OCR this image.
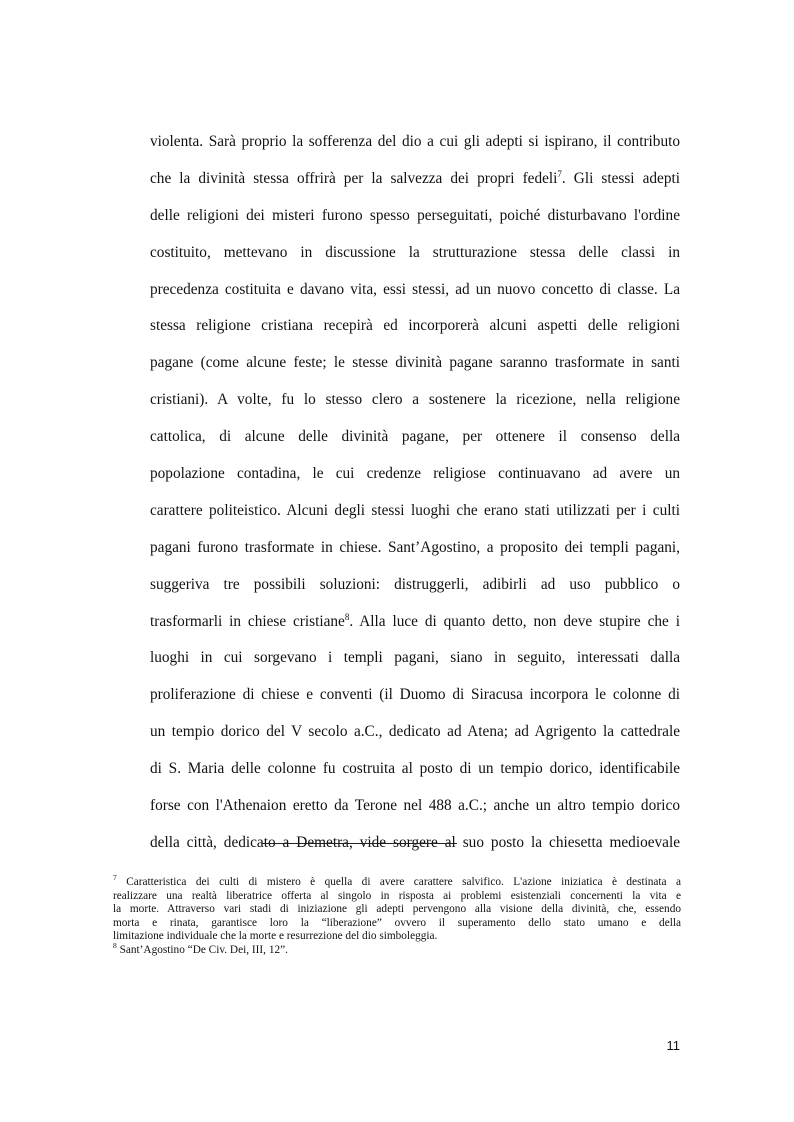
violenta. Sarà proprio la sofferenza del dio a cui gli adepti si ispirano, il contributo
che la divinità stessa offrirà per la salvezza dei propri fedeli$^7$. Gli stessi adepti
delle religioni dei misteri furono spesso perseguitati, poiché disturbavano l'ordine
costituito, mettevano in discussione la strutturazione stessa delle classi in
precedenza costituita e davano vita, essi stessi, ad un nuovo concetto di classe. La
stessa religione cristiana recepirà ed incorporerà alcuni aspetti delle religioni
pagane (come alcune feste; le stesse divinità pagane saranno trasformate in santi
cristiani). A volte, fu lo stesso clero a sostenere la ricezione, nella religione
cattolica, di alcune delle divinità pagane, per ottenere il consenso della
popolazione contadina, le cui credenze religiose continuavano ad avere un
carattere politeistico. Alcuni degli stessi luoghi che erano stati utilizzati per i culti
pagani furono trasformate in chiese. Sant’Agostino, a proposito dei templi pagani,
suggeriva tre possibili soluzioni: distruggerli, adibirli ad uso pubblico o
trasformarli in chiese cristiane$^8$. Alla luce di quanto detto, non deve stupire che i
luoghi in cui sorgevano i templi pagani, siano in seguito, interessati dalla
proliferazione di chiese e conventi (il Duomo di Siracusa incorpora le colonne di
un tempio dorico del V secolo a.C., dedicato ad Atena; ad Agrigento la cattedrale
di S. Maria delle colonne fu costruita al posto di un tempio dorico, identificabile
forse con l'Athenaion eretto da Terone nel 488 a.C.; anche un altro tempio dorico
della città, dedicato a Demetra, vide sorgere al suo posto la chiesetta medioevale
$^7$ Caratteristica dei culti di mistero è quella di avere carattere salvifico. L'azione iniziatica è destinata a
realizzare una realtà liberatrice offerta al singolo in risposta ai problemi esistenziali concernenti la vita e
la morte. Attraverso vari stadi di iniziazione gli adepti pervengono alla visione della divinità, che, essendo
morta e rinata, garantisce loro la “liberazione” ovvero il superamento dello stato umano e della
limitazione individuale che la morte e resurrezione del dio simboleggia.
$^8$ Sant’Agostino “De Civ. Dei, III, 12”.
11
